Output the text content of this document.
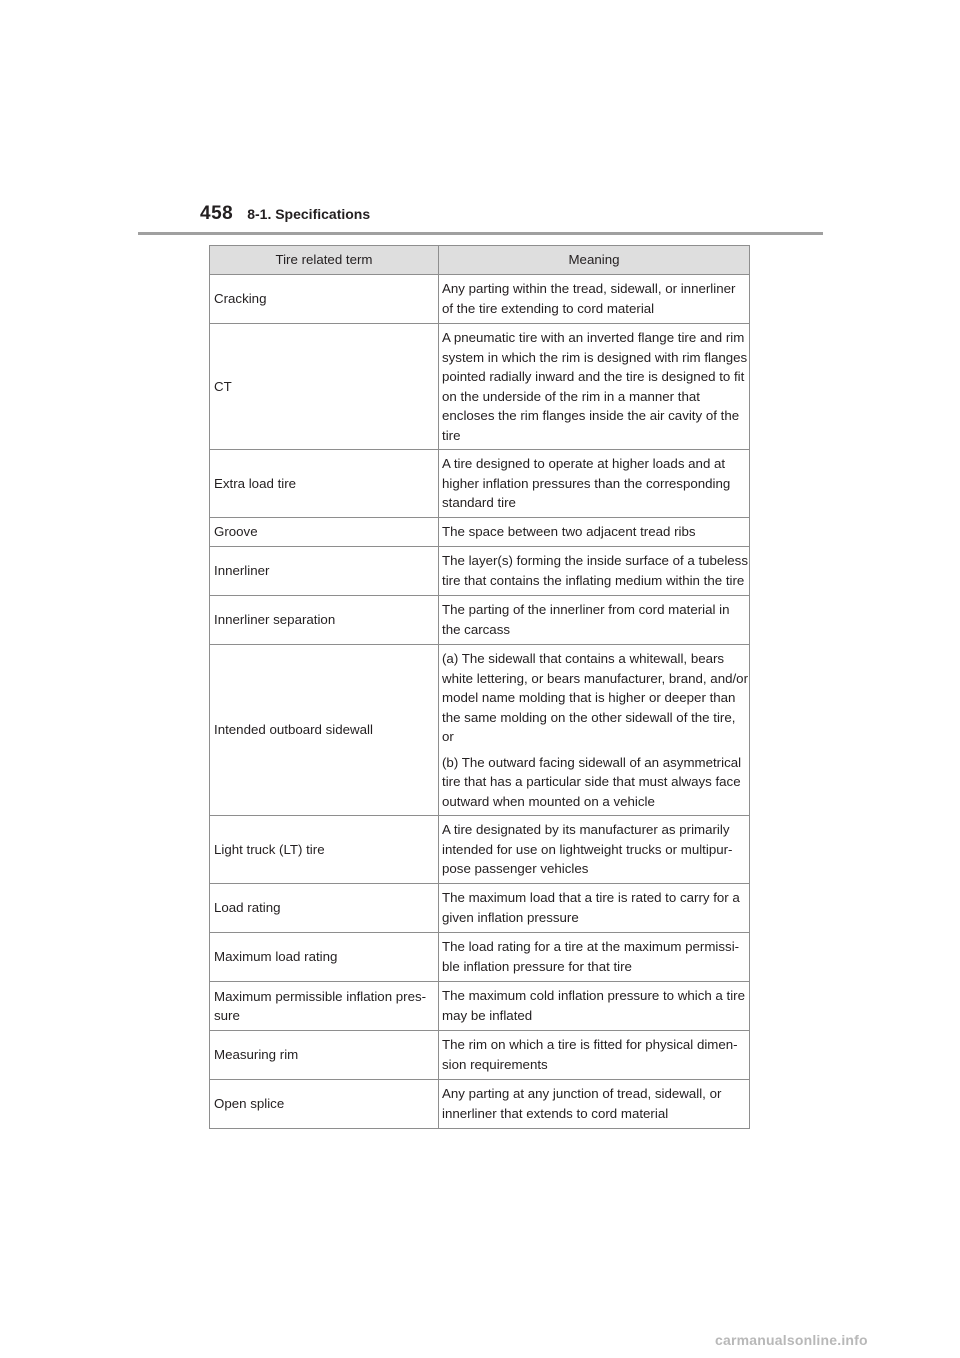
458 8-1. Specifications
Tire related term	Meaning
Cracking	Any parting within the tread, sidewall, or innerliner of the tire extending to cord material
CT	A pneumatic tire with an inverted flange tire and rim system in which the rim is designed with rim flanges pointed radially inward and the tire is designed to fit on the underside of the rim in a manner that encloses the rim flanges inside the air cavity of the tire
Extra load tire	A tire designed to operate at higher loads and at higher inflation pressures than the corresponding standard tire
Groove	The space between two adjacent tread ribs
Innerliner	The layer(s) forming the inside surface of a tubeless tire that contains the inflating medium within the tire
Innerliner separation	The parting of the innerliner from cord material in the carcass
Intended outboard sidewall	(a) The sidewall that contains a whitewall, bears white lettering, or bears manufacturer, brand, and/or model name molding that is higher or deeper than the same molding on the other sidewall of the tire, or
(b) The outward facing sidewall of an asymmetrical tire that has a particular side that must always face outward when mounted on a vehicle

Light truck (LT) tire	A tire designated by its manufacturer as primarily intended for use on lightweight trucks or multipur-pose passenger vehicles
Load rating	The maximum load that a tire is rated to carry for a given inflation pressure
Maximum load rating	The load rating for a tire at the maximum permissi-ble inflation pressure for that tire
Maximum permissible inflation pres-sure	The maximum cold inflation pressure to which a tire may be inflated
Measuring rim	The rim on which a tire is fitted for physical dimen-sion requirements
Open splice	Any parting at any junction of tread, sidewall, or innerliner that extends to cord material
carmanualsonline.info
